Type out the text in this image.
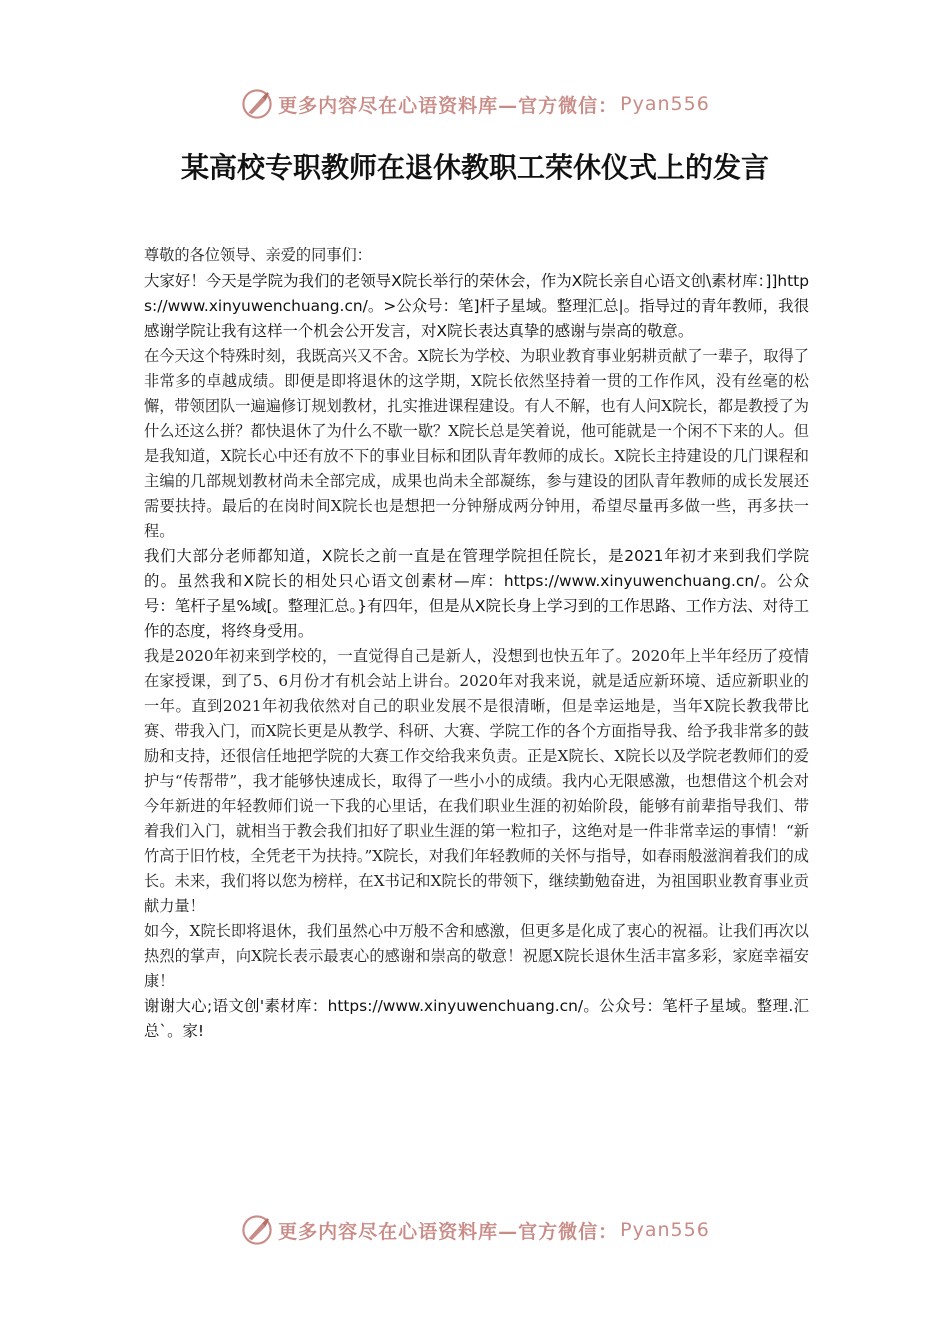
更多内容尽在心语资料库—官方微信： Pyan556
某高校专职教师在退休教职工荣休仪式上的发言

尊敬的各位领导、亲爱的同事们：

大家好！今天是学院为我们的老领导X院长举行的荣休会，作为X院长亲自心语文创\素材库：]]https://www.xinyuwenchuang.cn/。>公众号：笔]杆子星域。整理汇总|。指导过的青年教师，我很感谢学院让我有这样一个机会公开发言，对X院长表达真挚的感谢与崇高的敬意。

在今天这个特殊时刻，我既高兴又不舍。X院长为学校、为职业教育事业躬耕贡献了一辈子，取得了非常多的卓越成绩。即便是即将退休的这学期，X院长依然坚持着一贯的工作作风，没有丝毫的松懈，带领团队一遍遍修订规划教材，扎实推进课程建设。有人不解，也有人问X院长，都是教授了为什么还这么拼？都快退休了为什么不歇一歇？X院长总是笑着说，他可能就是一个闲不下来的人。但是我知道，X院长心中还有放不下的事业目标和团队青年教师的成长。X院长主持建设的几门课程和主编的几部规划教材尚未全部完成，成果也尚未全部凝练，参与建设的团队青年教师的成长发展还需要扶持。最后的在岗时间X院长也是想把一分钟掰成两分钟用，希望尽量再多做一些，再多扶一程。

我们大部分老师都知道，X院长之前一直是在管理学院担任院长，是2021年初才来到我们学院的。虽然我和X院长的相处只心语文创素材—库：https://www.xinyuwenchuang.cn/。公众号：笔杆子星%域[。整理汇总。}有四年，但是从X院长身上学习到的工作思路、工作方法、对待工作的态度，将终身受用。

我是2020年初来到学校的，一直觉得自己是新人，没想到也快五年了。2020年上半年经历了疫情在家授课，到了5、6月份才有机会站上讲台。2020年对我来说，就是适应新环境、适应新职业的一年。直到2021年初我依然对自己的职业发展不是很清晰，但是幸运地是，当年X院长教我带比赛、带我入门，而X院长更是从教学、科研、大赛、学院工作的各个方面指导我、给予我非常多的鼓励和支持，还很信任地把学院的大赛工作交给我来负责。正是X院长、X院长以及学院老教师们的爱护与“传帮带”，我才能够快速成长，取得了一些小小的成绩。我内心无限感激，也想借这个机会对今年新进的年轻教师们说一下我的心里话，在我们职业生涯的初始阶段，能够有前辈指导我们、带着我们入门，就相当于教会我们扣好了职业生涯的第一粒扣子，这绝对是一件非常幸运的事情！“新竹高于旧竹枝，全凭老干为扶持。”X院长，对我们年轻教师的关怀与指导，如春雨般滋润着我们的成长。未来，我们将以您为榜样，在X书记和X院长的带领下，继续勤勉奋进，为祖国职业教育事业贡献力量！

如今，X院长即将退休，我们虽然心中万般不舍和感激，但更多是化成了衷心的祝福。让我们再次以热烈的掌声，向X院长表示最衷心的感谢和崇高的敬意！祝愿X院长退休生活丰富多彩，家庭幸福安康！

谢谢大心;语文创'素材库：https://www.xinyuwenchuang.cn/。公众号：笔杆子星域。整理.汇总`。家!

更多内容尽在心语资料库—官方微信： Pyan556
